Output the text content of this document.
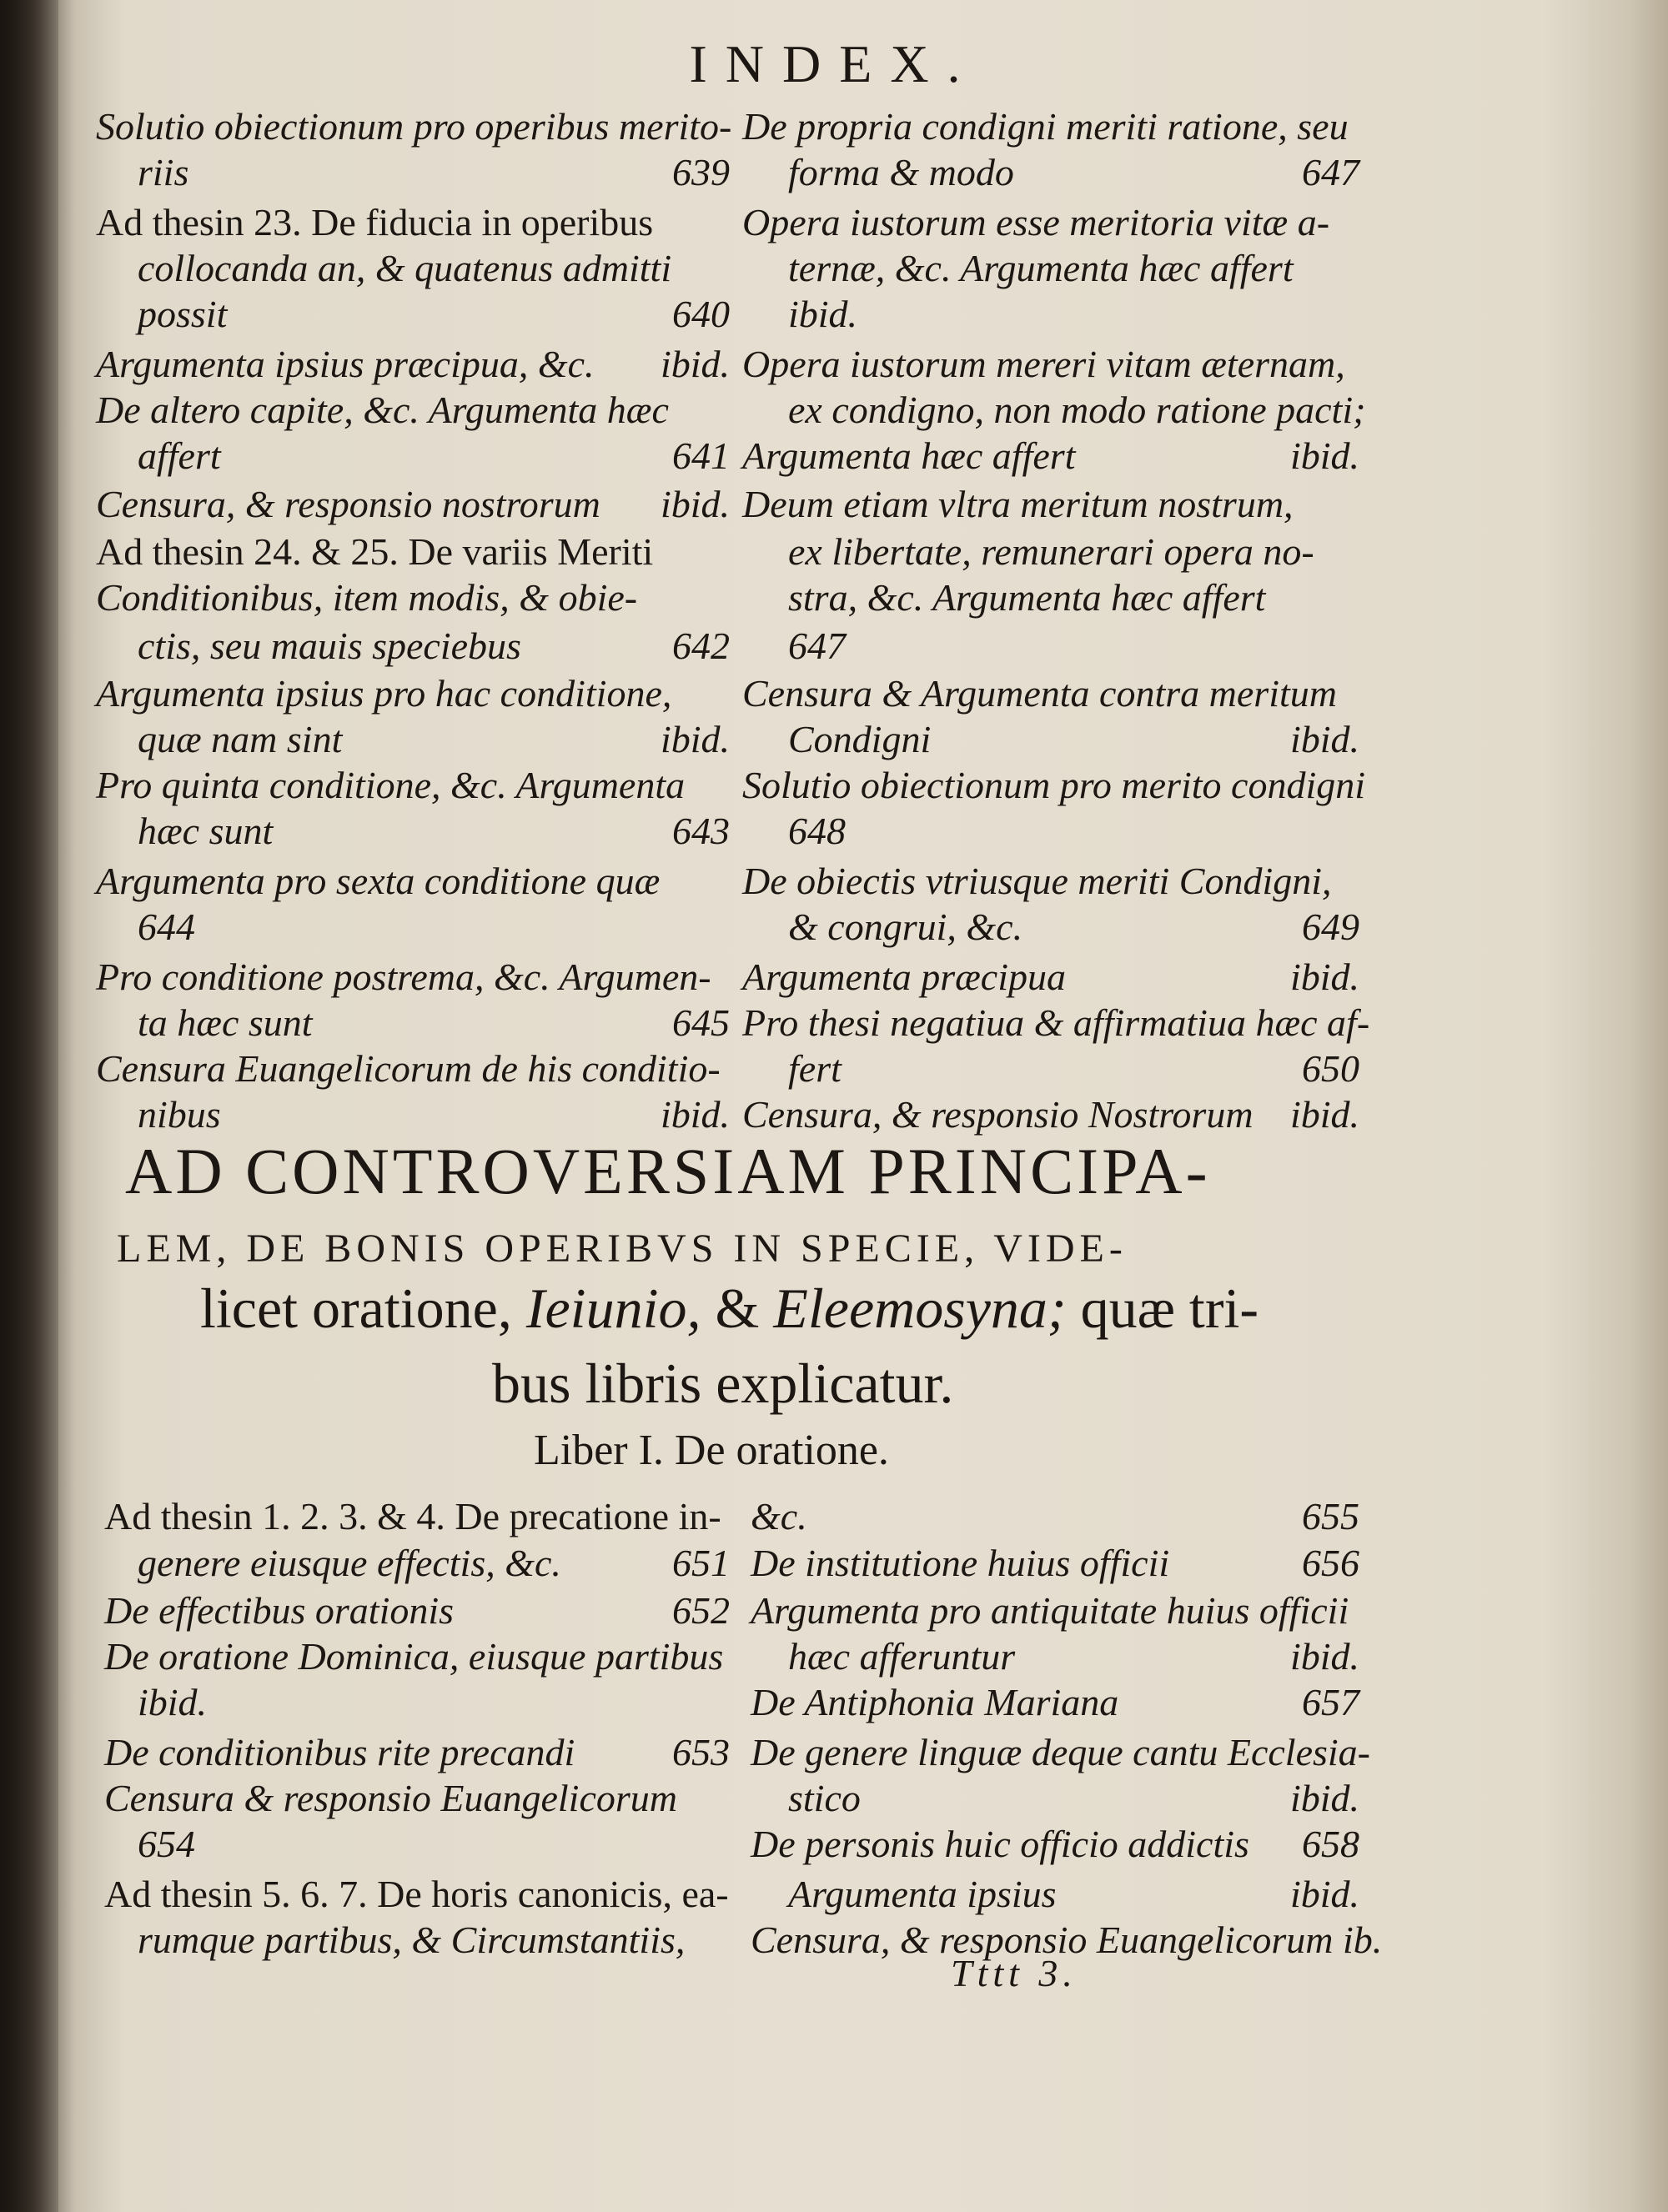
INDEX.
Solutio obiectionum pro operibus merito-
riis	639
Ad thesin 23. De fiducia in operibus
collocanda an, & quatenus admitti
possit	640
Argumenta ipsius præcipua, &c.	ibid.
De altero capite, &c. Argumenta hæc
affert	641
Censura, & responsio nostrorum	ibid.
Ad thesin 24. & 25. De variis Meriti
Conditionibus, item modis, & obie-
ctis, seu mauis speciebus	642
Argumenta ipsius pro hac conditione,
quæ nam sint	ibid.
Pro quinta conditione, &c. Argumenta
hæc sunt	643
Argumenta pro sexta conditione quæ
644
Pro conditione postrema, &c. Argumen-
ta hæc sunt	645
Censura Euangelicorum de his conditio-
nibus	ibid.
De propria condigni meriti ratione, seu
forma & modo	647
Opera iustorum esse meritoria vitæ a-
ternæ, &c. Argumenta hæc affert
ibid.
Opera iustorum mereri vitam æternam,
ex condigno, non modo ratione pacti;
Argumenta hæc affert	ibid.
Deum etiam vltra meritum nostrum,
ex libertate, remunerari opera no-
stra, &c. Argumenta hæc affert
647
Censura & Argumenta contra meritum
Condigni	ibid.
Solutio obiectionum pro merito condigni
648
De obiectis vtriusque meriti Condigni,
& congrui, &c.	649
Argumenta præcipua	ibid.
Pro thesi negatiua & affirmatiua hæc af-
fert	650
Censura, & responsio Nostrorum ibid.
AD CONTROVERSIAM PRINCIPA-
LEM, DE BONIS OPERIBVS IN SPECIE, VIDE-
licet oratione, Ieiunio, & Eleemosyna; quæ tri-
bus libris explicatur.
Liber I. De oratione.
Ad thesin 1. 2. 3. & 4. De precatione in-
genere eiusque effectis, &c.	651
De effectibus orationis	652
De oratione Dominica, eiusque partibus
ibid.
De conditionibus rite precandi	653
Censura & responsio Euangelicorum
654
Ad thesin 5. 6. 7. De horis canonicis, ea-
rumque partibus, & Circumstantiis,
&c.	655
De institutione huius officii	656
Argumenta pro antiquitate huius officii
hæc afferuntur	ibid.
De Antiphonia Mariana	657
De genere linguæ deque cantu Ecclesia-
stico	ibid.
De personis huic officio addictis	658
Argumenta ipsius	ibid.
Censura, & responsio Euangelicorum ib.
Tttt 3.
